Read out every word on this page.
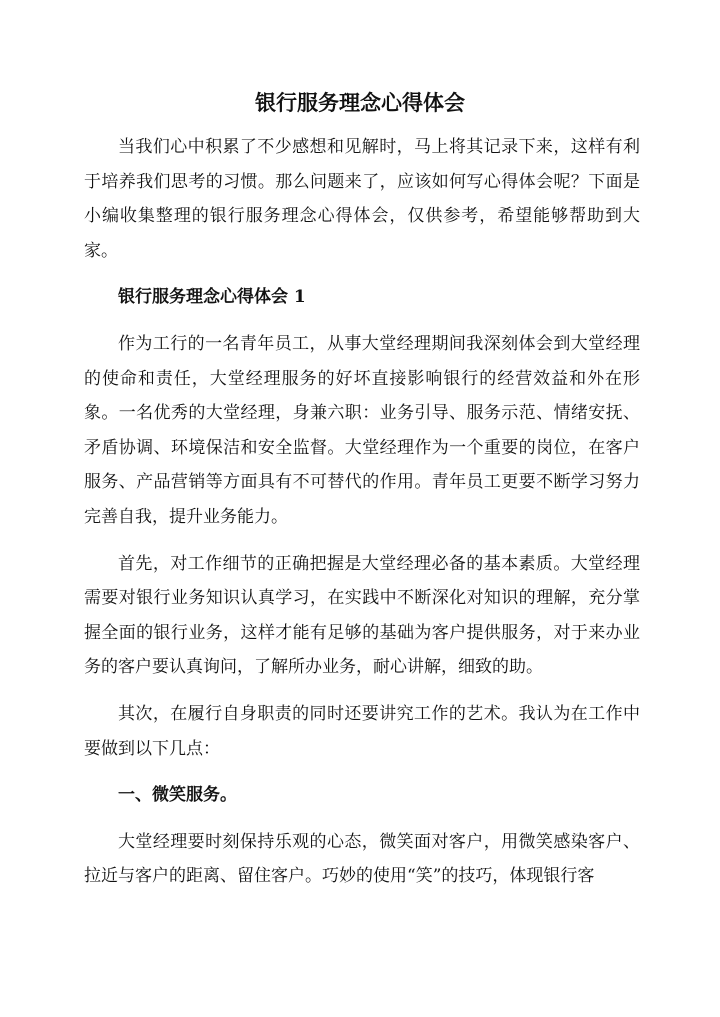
银行服务理念心得体会

当我们心中积累了不少感想和见解时，马上将其记录下来，这样有利于培养我们思考的习惯。那么问题来了，应该如何写心得体会呢？下面是小编收集整理的银行服务理念心得体会，仅供参考，希望能够帮助到大家。

银行服务理念心得体会 1

作为工行的一名青年员工，从事大堂经理期间我深刻体会到大堂经理的使命和责任，大堂经理服务的好坏直接影响银行的经营效益和外在形象。一名优秀的大堂经理，身兼六职：业务引导、服务示范、情绪安抚、矛盾协调、环境保洁和安全监督。大堂经理作为一个重要的岗位，在客户服务、产品营销等方面具有不可替代的作用。青年员工更要不断学习努力完善自我，提升业务能力。

首先，对工作细节的正确把握是大堂经理必备的基本素质。大堂经理需要对银行业务知识认真学习，在实践中不断深化对知识的理解，充分掌握全面的银行业务，这样才能有足够的基础为客户提供服务，对于来办业务的客户要认真询问，了解所办业务，耐心讲解，细致的助。

其次，在履行自身职责的同时还要讲究工作的艺术。我认为在工作中要做到以下几点：

一、微笑服务。

大堂经理要时刻保持乐观的心态，微笑面对客户，用微笑感染客户、拉近与客户的距离、留住客户。巧妙的使用“笑”的技巧，体现银行客
